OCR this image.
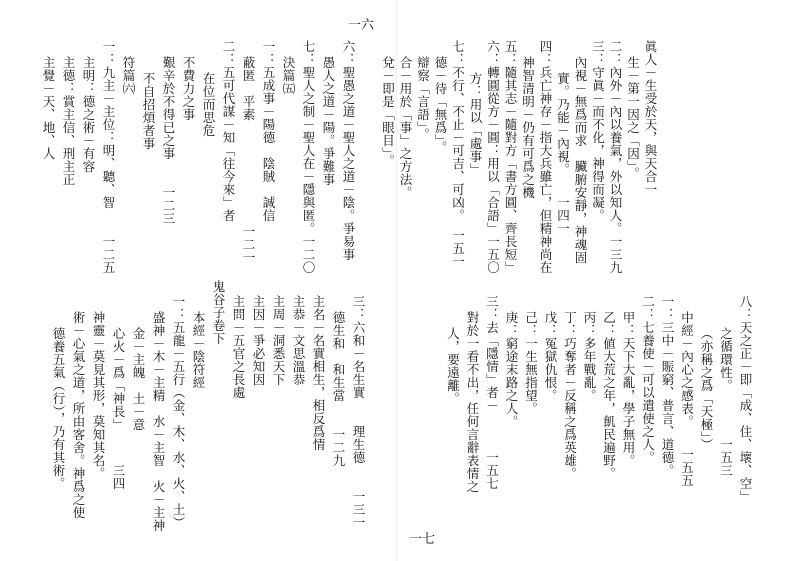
一六
六：聖愚之道－聖人之道－陰。爭易事
愚人之道－陽。爭難事
七：聖人之制－聖人在－隱與匿。一二〇
決篇㈤
一：五成事－陽德　陰賊　誠信
蔽匿　平素　　　　　　　　一二一
二：五可代謀－知「往今來」者
在位而思危
不費力之事
艱辛於不得已之事　　一二三
不自招煩者事
符篇㈥
一：九主－主位：明、聽、智　　一二五
主明：德之術－有容
主德：賞主信、刑主正
主覺－天、地、人
三：六和－名生實　　理生德　　一三一
德生和　和生當　　一二九
主名－名實相生，相反爲情
主恭－文思溫恭
主周－洞悉天下
主因－爭必知因
主問－五官之長處
鬼谷子卷下
本經－陰符經
一：五龍－五行（金、木、水、火、土）
盛神－木－主精　水－主智　火－主神
金－主魄　土－意
心火－爲「神長」　　　三四
神靈－莫見其形，莫知其名。
術－心氣之道，所由客舍。神爲之使
德養五氣（行），乃有其術。
一七
眞人－生受於天，與天合一
生－第一因之「因」。
二：內外－內以養氣，外以知人。一三九
三：守眞－而不化，神得而凝。
內視－無爲而求　臟腑安靜，神魂固
實。乃能－內視。　　一四一
四：兵亡神存－指大兵雖亡，但精神尚在
神智清明－仍有可爲之機
五：隨其志－隨對方「書方圓、齊長短」
六：轉圓從方－圓：用以「合語」一五〇
方：用以「處事」
七：不行、不止－可吉、可凶。　一五一
德－待「無爲」。
辯察「言語」。
合－用於「事」之方法。
兌－即是「眼目」。
八：天之正－即「成、住、壞、空」
之循環性。　　　　一五三
（亦稱之爲「天極」）
中經－內心之感表。　　一五五
一：三中－賑窮、普言、道德。
二：七養使－可以遣使之人。
甲：天下大亂，學子無用。
乙：値大荒之年，飢民遍野。
丙：多年戰亂。
丁：巧奪者－反稱之爲英雄。
戊：冤獄仇恨。
己：一生無指望。
庚：窮途末路之人。
三：去「隱情」者－　　　一五七
對於一看不出，任何言辭表情之
人，要遠離。
